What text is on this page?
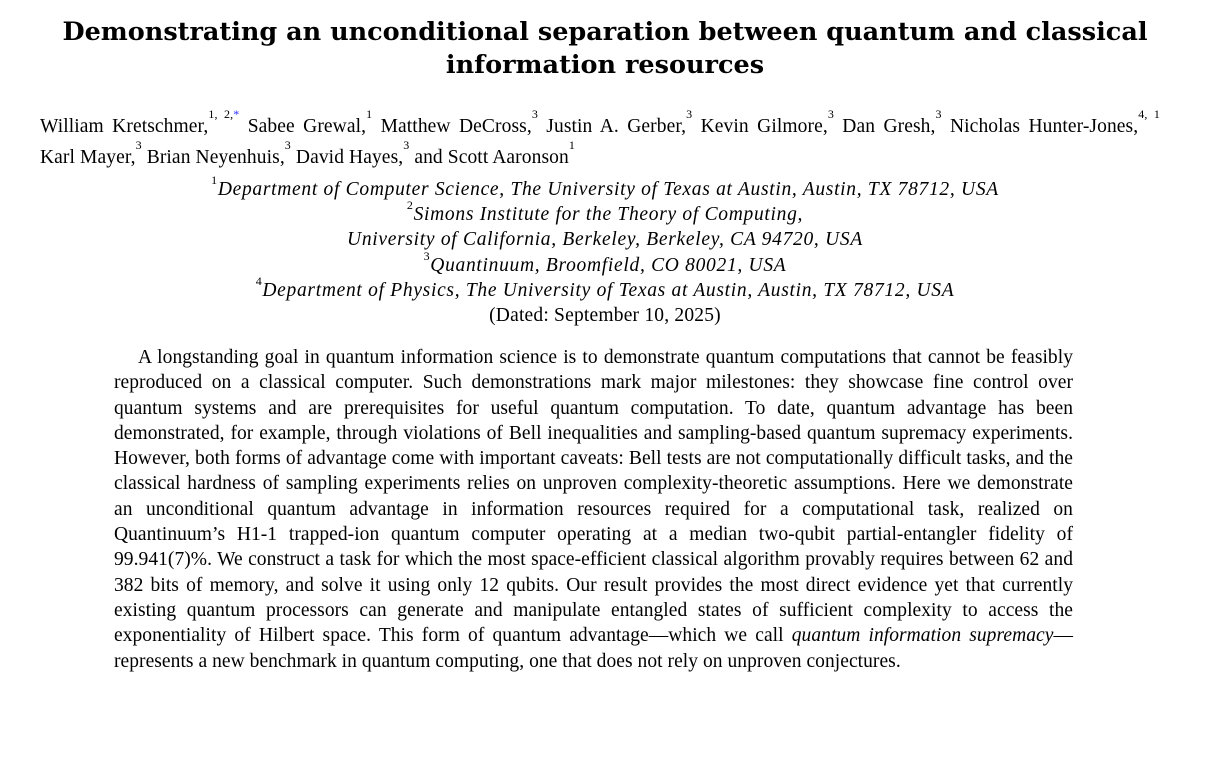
Demonstrating an unconditional separation between quantum and classical information resources
William Kretschmer,$^{1, 2,*}$ Sabee Grewal,$^1$ Matthew DeCross,$^3$ Justin A. Gerber,$^3$ Kevin Gilmore,$^3$ Dan Gresh,$^3$ Nicholas Hunter-Jones,$^{4, 1}$ Karl Mayer,$^3$ Brian Neyenhuis,$^3$ David Hayes,$^3$ and Scott Aaronson$^1$
$^1$Department of Computer Science, The University of Texas at Austin, Austin, TX 78712, USA
$^2$Simons Institute for the Theory of Computing,
University of California, Berkeley, Berkeley, CA 94720, USA
$^3$Quantinuum, Broomfield, CO 80021, USA
$^4$Department of Physics, The University of Texas at Austin, Austin, TX 78712, USA
(Dated: September 10, 2025)
A longstanding goal in quantum information science is to demonstrate quantum computations that cannot be feasibly reproduced on a classical computer. Such demonstrations mark major milestones: they showcase fine control over quantum systems and are prerequisites for useful quantum computation. To date, quantum advantage has been demonstrated, for example, through violations of Bell inequalities and sampling-based quantum supremacy experiments. However, both forms of advantage come with important caveats: Bell tests are not computationally difficult tasks, and the classical hardness of sampling experiments relies on unproven complexity-theoretic assumptions. Here we demonstrate an unconditional quantum advantage in information resources required for a computational task, realized on Quantinuum’s H1-1 trapped-ion quantum computer operating at a median two-qubit partial-entangler fidelity of 99.941(7)%. We construct a task for which the most space-efficient classical algorithm provably requires between 62 and 382 bits of memory, and solve it using only 12 qubits. Our result provides the most direct evidence yet that currently existing quantum processors can generate and manipulate entangled states of sufficient complexity to access the exponentiality of Hilbert space. This form of quantum advantage—which we call quantum information supremacy—represents a new benchmark in quantum computing, one that does not rely on unproven conjectures.
